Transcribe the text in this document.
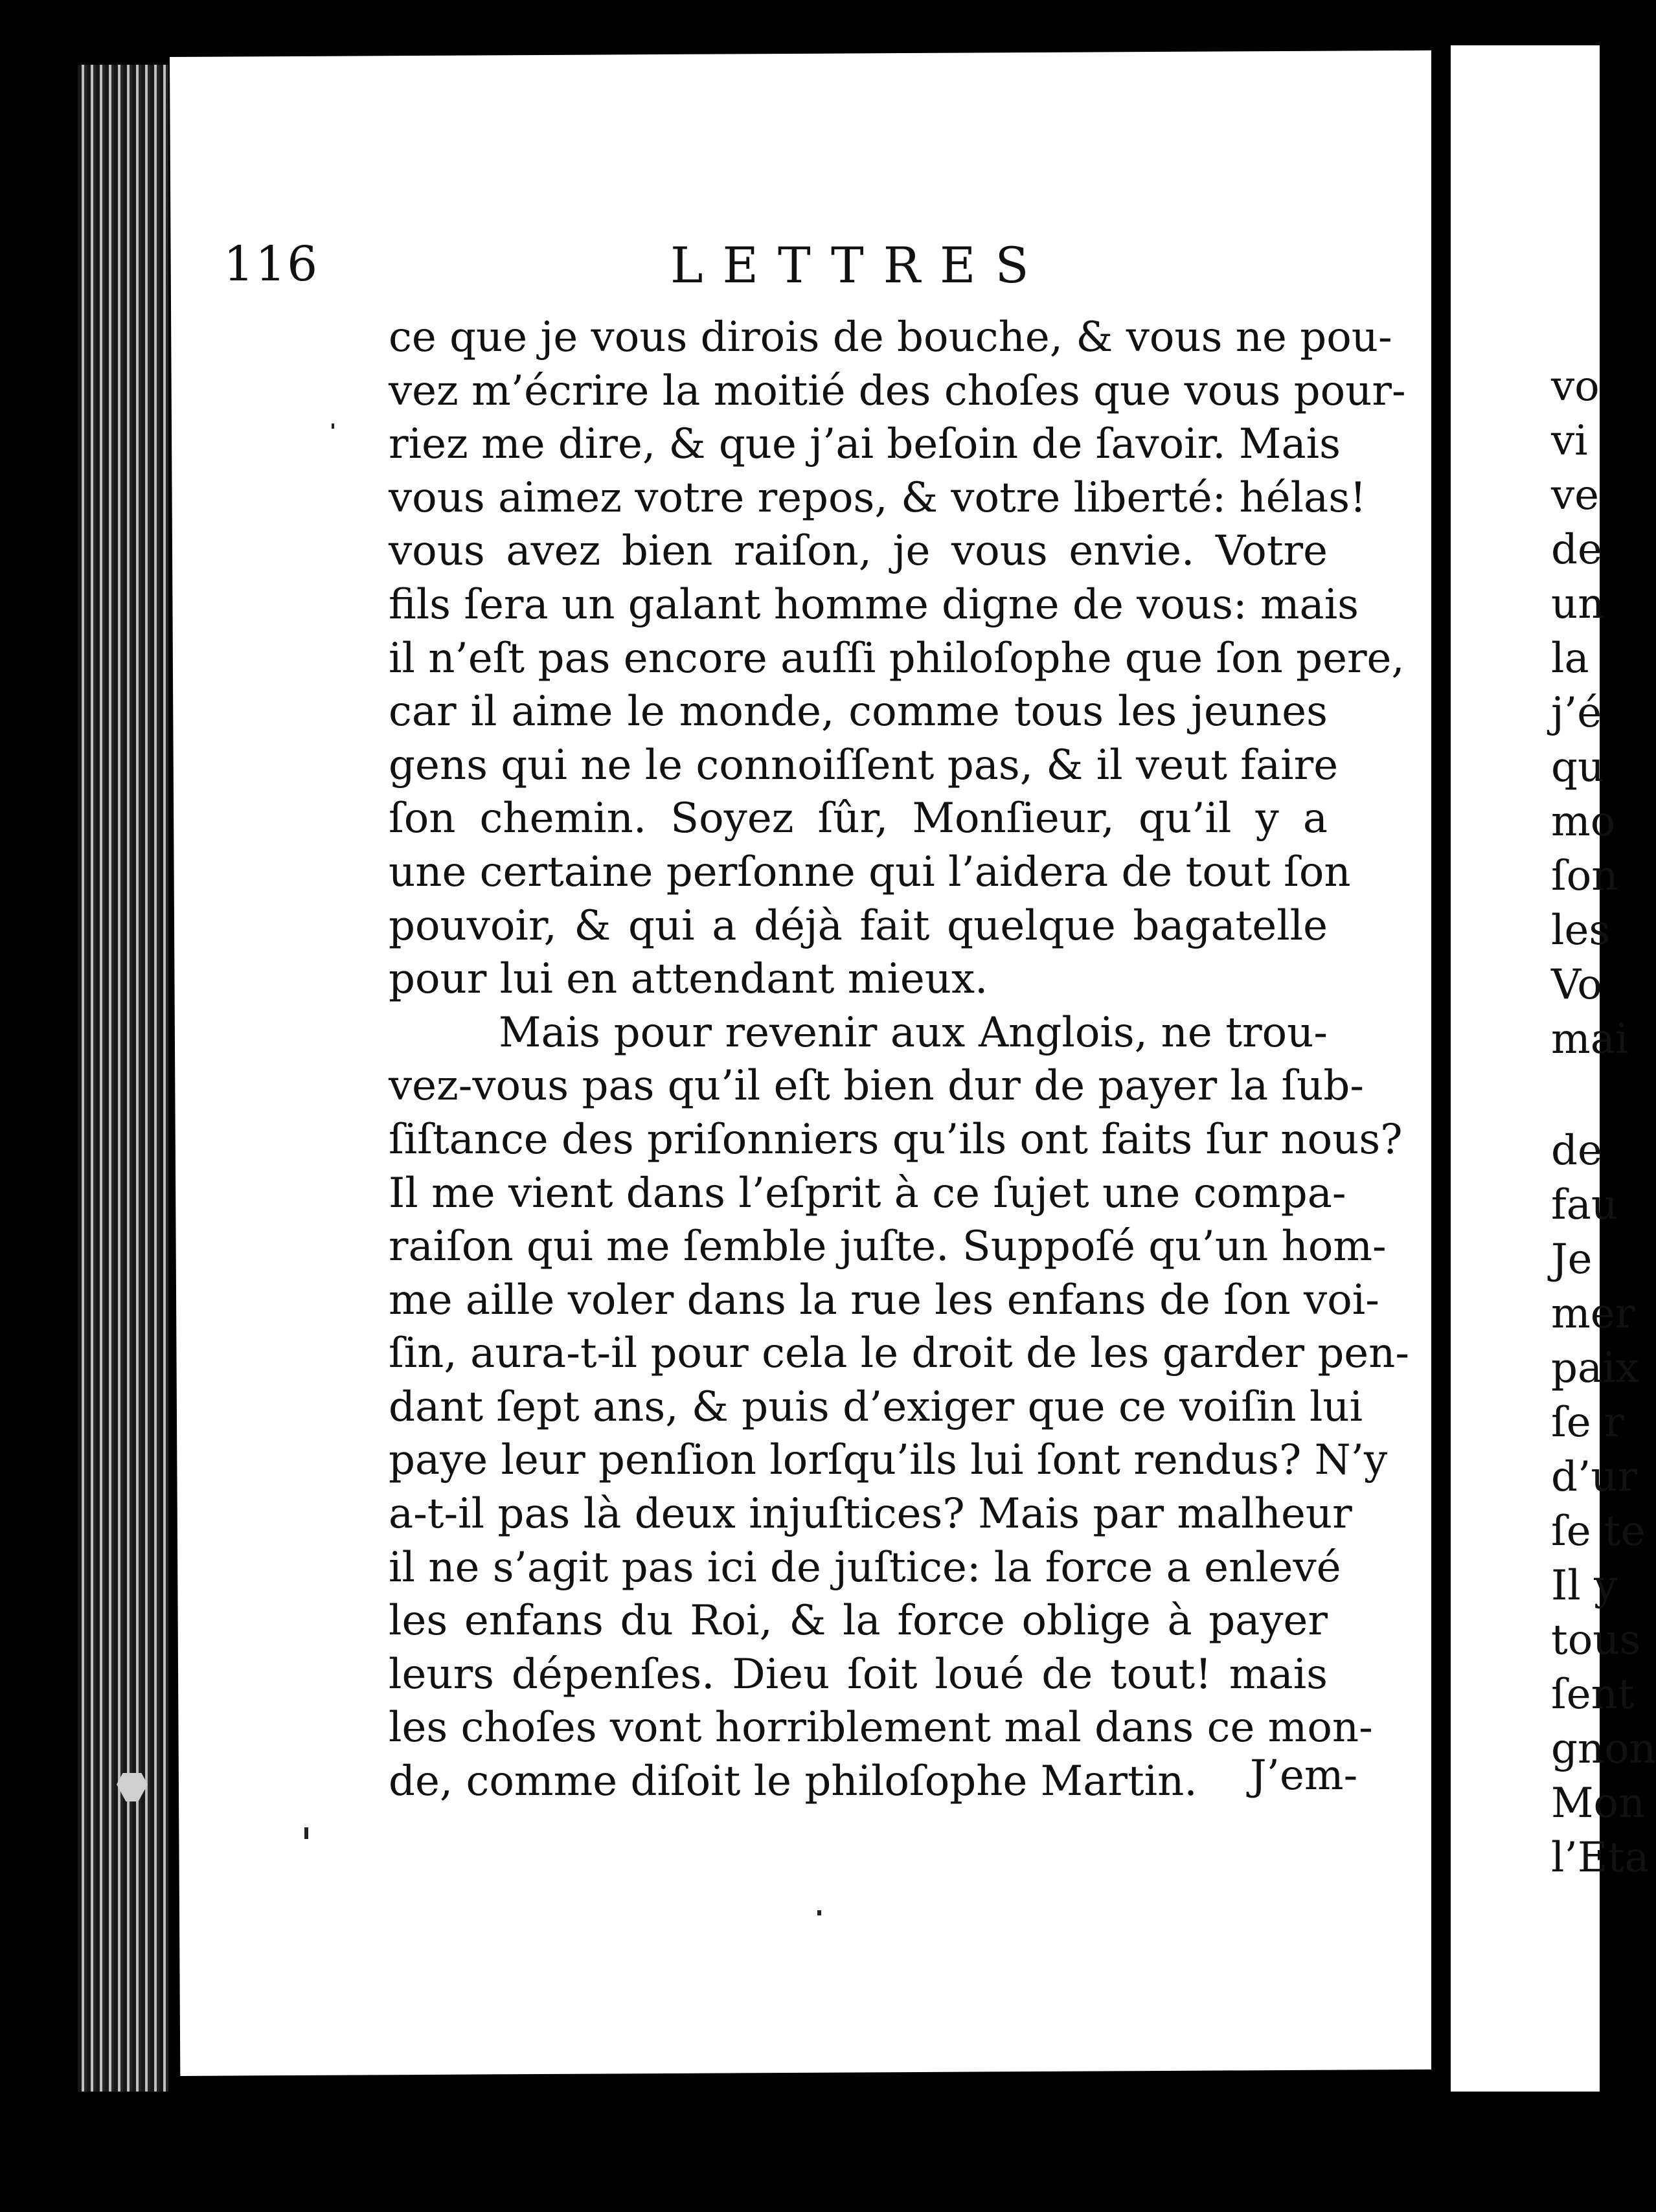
116	LETTRES
ce que je vous dirois de bouche, & vous ne pou-
vez m’écrire la moitié des choſes que vous pour-
riez me dire, & que j’ai beſoin de ſavoir. Mais
vous aimez votre repos, & votre liberté: hélas!
vous avez bien raiſon, je vous envie. Votre
fils ſera un galant homme digne de vous: mais
il n’eſt pas encore auſſi philoſophe que ſon pere,
car il aime le monde, comme tous les jeunes
gens qui ne le connoiſſent pas, & il veut faire
ſon chemin. Soyez ſûr, Monſieur, qu’il y a
une certaine perſonne qui l’aidera de tout ſon
pouvoir, & qui a déjà fait quelque bagatelle
pour lui en attendant mieux.
Mais pour revenir aux Anglois, ne trou-
vez-vous pas qu’il eſt bien dur de payer la ſub-
ſiſtance des priſonniers qu’ils ont faits ſur nous?
Il me vient dans l’eſprit à ce ſujet une compa-
raiſon qui me ſemble juſte. Suppoſé qu’un hom-
me aille voler dans la rue les enfans de ſon voi-
ſin, aura-t-il pour cela le droit de les garder pen-
dant ſept ans, & puis d’exiger que ce voiſin lui
paye leur penſion lorſqu’ils lui ſont rendus? N’y
a-t-il pas là deux injuſtices? Mais par malheur
il ne s’agit pas ici de juſtice: la force a enlevé
les enfans du Roi, & la force oblige à payer
leurs dépenſes. Dieu ſoit loué de tout! mais
les choſes vont horriblement mal dans ce mon-
de, comme diſoit le philoſophe Martin.	J’em-
vo
vi
ve
de
un
la
j’é
qu
mo
ſon
les
Vo
mai
de
fau
Je
mer
paix
ſe r
d’ur
ſe te
Il y
tous
ſent
gnon
Mon
l’Eta
